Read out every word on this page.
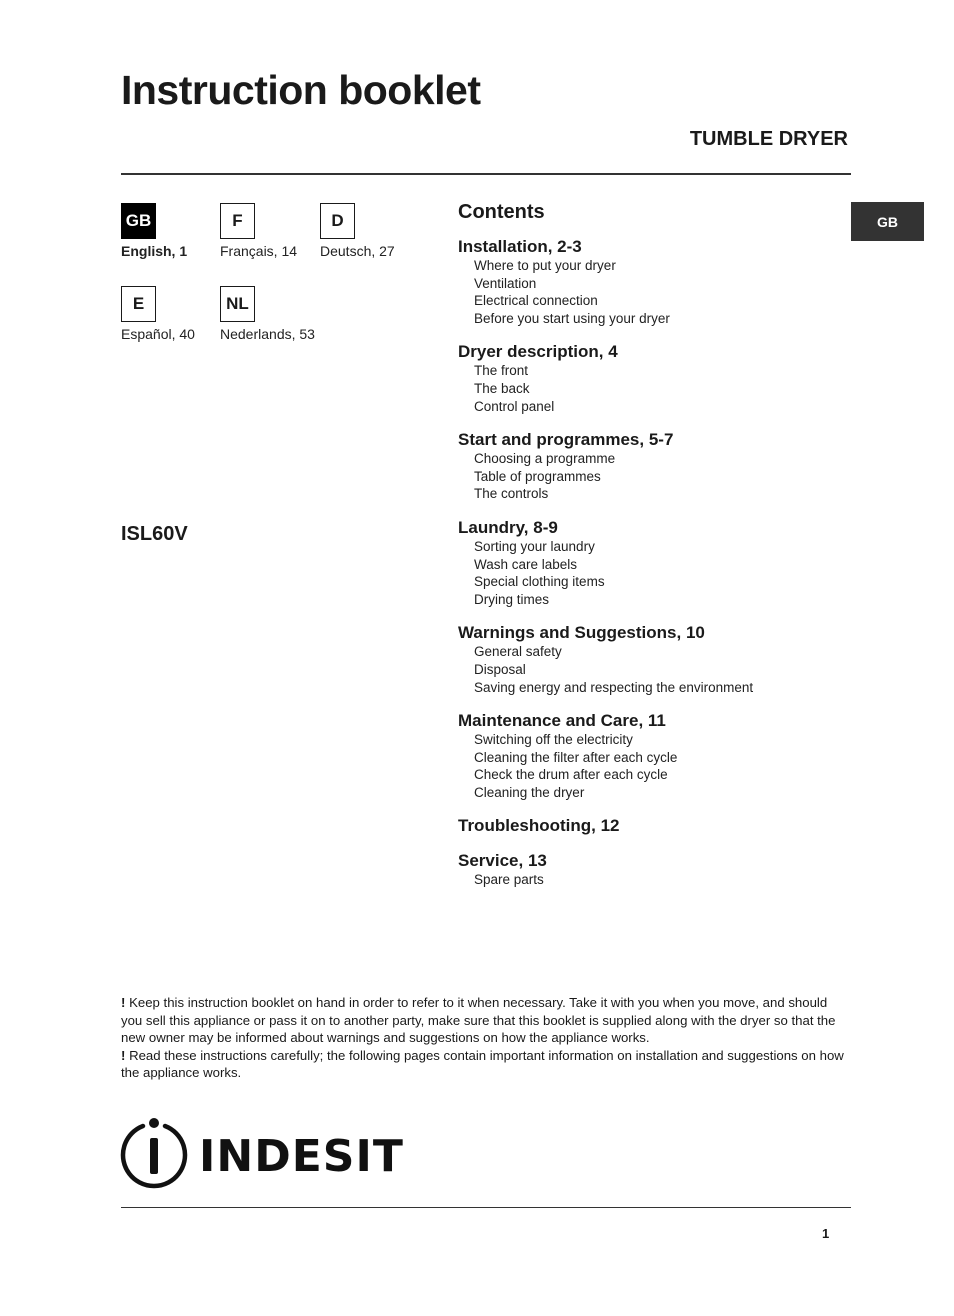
Instruction booklet
TUMBLE DRYER
GB
GB
English, 1
F
Français, 14
D
Deutsch, 27
E
Español, 40
NL
Nederlands, 53
ISL60V
Contents
Installation, 2-3
Where to put your dryer
Ventilation
Electrical connection
Before you start using your dryer
Dryer description, 4
The front
The back
Control panel
Start and programmes, 5-7
Choosing a programme
Table of programmes
The controls
Laundry, 8-9
Sorting your laundry
Wash care labels
Special clothing items
Drying times
Warnings and Suggestions, 10
General safety
Disposal
Saving energy and respecting the environment
Maintenance and Care, 11
Switching off the electricity
Cleaning the filter after each cycle
Check the drum after each cycle
Cleaning the dryer
Troubleshooting, 12
Service, 13
Spare parts

! Keep this instruction booklet on hand in order to refer to it when necessary. Take it with you when you move, and should you sell this appliance or pass it on to another party, make sure that this booklet is supplied along with the dryer so that the new owner may be informed about warnings and suggestions on how the appliance works.

! Read these instructions carefully; the following pages contain important information on installation and suggestions on how the appliance works.

INDESIT
1
